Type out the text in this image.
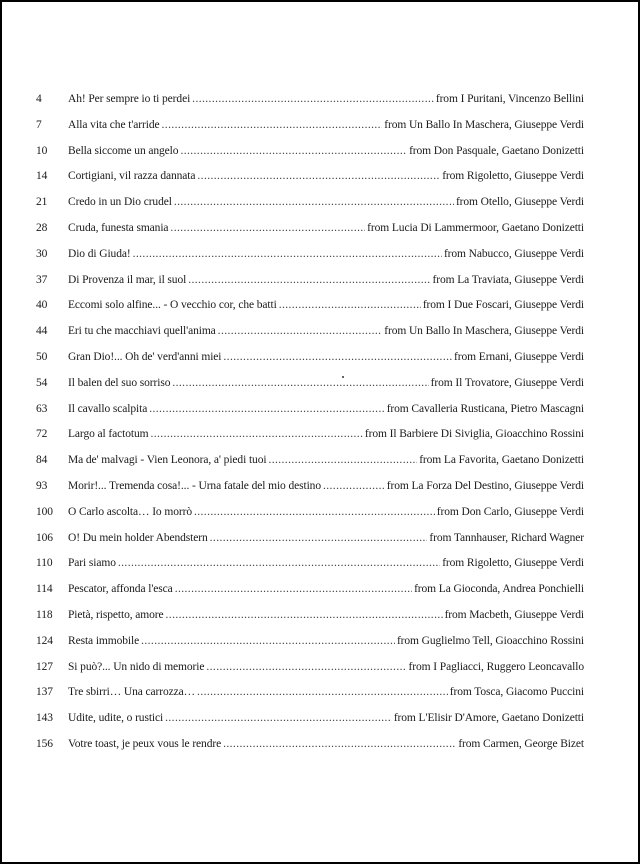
4	Ah! Per sempre io ti perdei .....	from I Puritani, Vincenzo Bellini
7	Alla vita che t'arride .....	from Un Ballo In Maschera, Giuseppe Verdi
10	Bella siccome un angelo .....	from Don Pasquale, Gaetano Donizetti
14	Cortigiani, vil razza dannata .....	from Rigoletto, Giuseppe Verdi
21	Credo in un Dio crudel .....	from Otello, Giuseppe Verdi
28	Cruda, funesta smania .....	from Lucia Di Lammermoor, Gaetano Donizetti
30	Dio di Giuda! .....	from Nabucco, Giuseppe Verdi
37	Di Provenza il mar, il suol .....	from La Traviata, Giuseppe Verdi
40	Eccomi solo alfine... - O vecchio cor, che batti .....	from I Due Foscari, Giuseppe Verdi
44	Eri tu che macchiavi quell'anima .....	from Un Ballo In Maschera, Giuseppe Verdi
50	Gran Dio!... Oh de' verd'anni miei .....	from Ernani, Giuseppe Verdi
54	Il balen del suo sorriso .....	from Il Trovatore, Giuseppe Verdi
63	Il cavallo scalpita .....	from Cavalleria Rusticana, Pietro Mascagni
72	Largo al factotum .....	from Il Barbiere Di Siviglia, Gioacchino Rossini
84	Ma de' malvagi - Vien Leonora, a' piedi tuoi .....	from La Favorita, Gaetano Donizetti
93	Morir!... Tremenda cosa!... - Urna fatale del mio destino .....	from La Forza Del Destino, Giuseppe Verdi
100	O Carlo ascolta… Io morrò .....	from Don Carlo, Giuseppe Verdi
106	O! Du mein holder Abendstern .....	from Tannhauser, Richard Wagner
110	Pari siamo .....	from Rigoletto, Giuseppe Verdi
114	Pescator, affonda l'esca .....	from La Gioconda, Andrea Ponchielli
118	Pietà, rispetto, amore .....	from Macbeth, Giuseppe Verdi
124	Resta immobile .....	from Guglielmo Tell, Gioacchino Rossini
127	Si può?... Un nido di memorie .....	from I Pagliacci, Ruggero Leoncavallo
137	Tre sbirri… Una carrozza… .....	from Tosca, Giacomo Puccini
143	Udite, udite, o rustici .....	from L'Elisir D'Amore, Gaetano Donizetti
156	Votre toast, je peux vous le rendre .....	from Carmen, George Bizet
